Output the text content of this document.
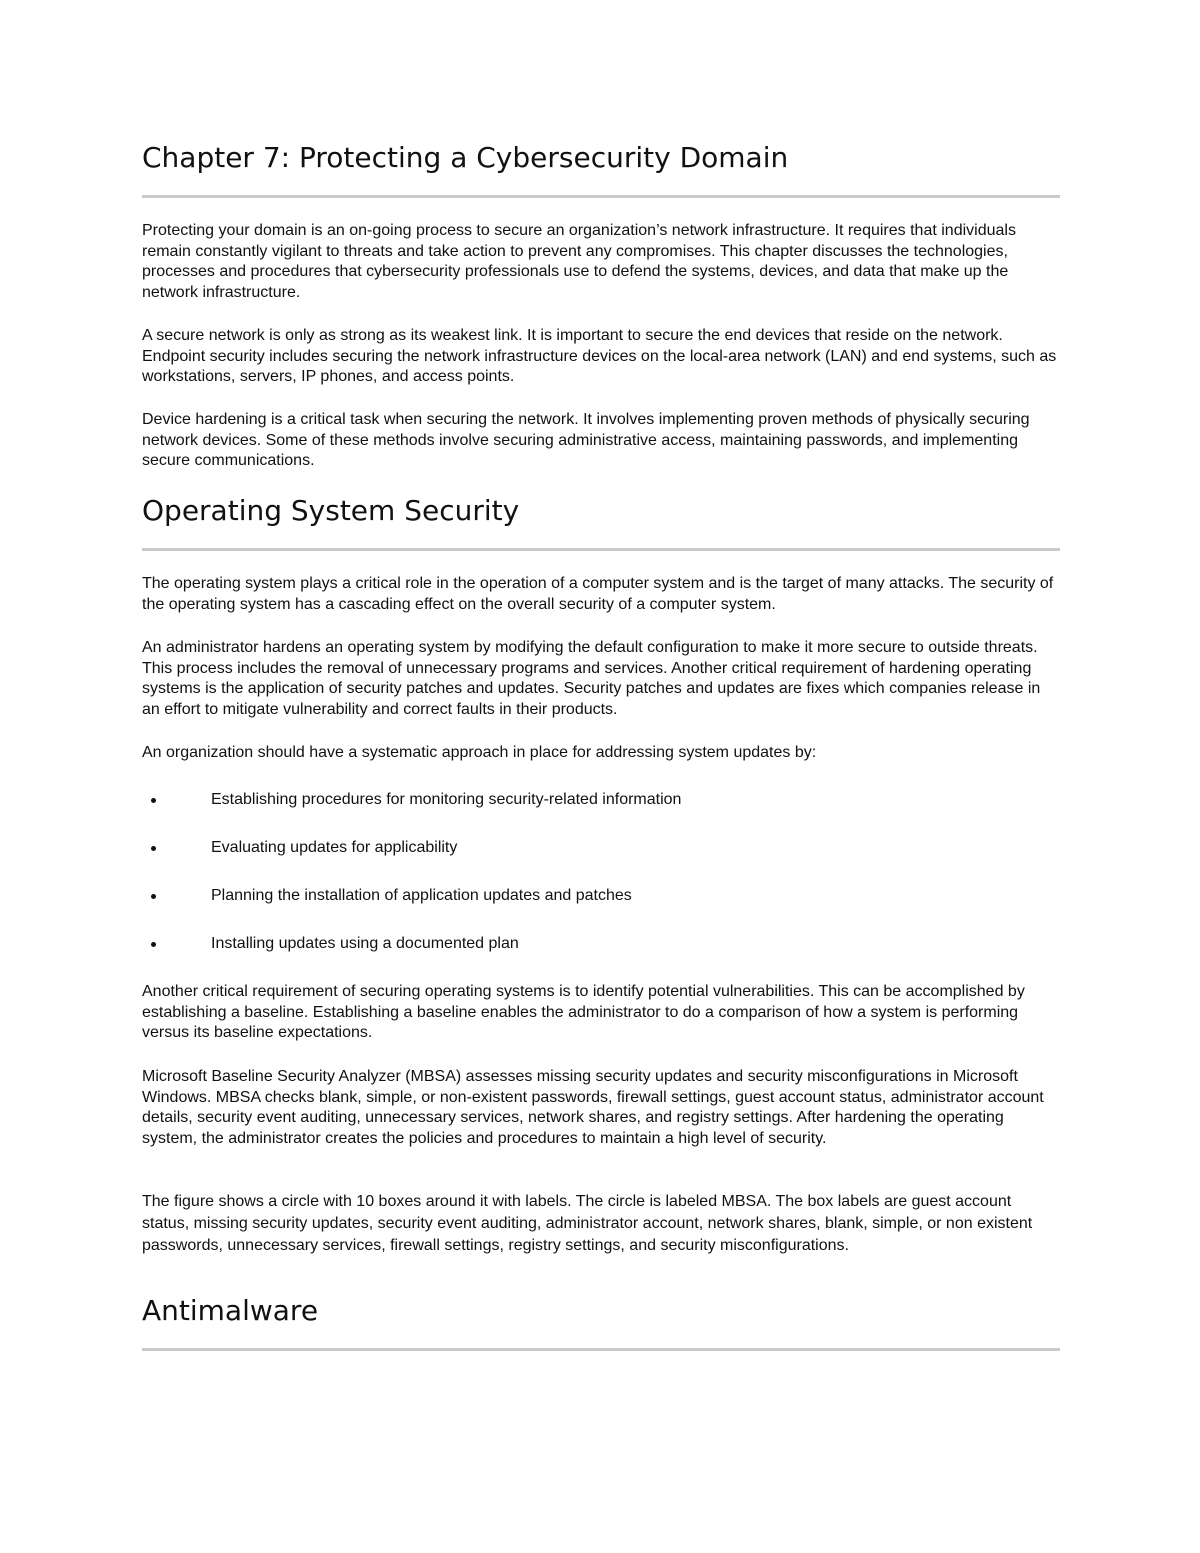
Chapter 7: Protecting a Cybersecurity Domain

Protecting your domain is an on-going process to secure an organization’s network infrastructure. It requires that individuals remain constantly vigilant to threats and take action to prevent any compromises. This chapter discusses the technologies, processes and procedures that cybersecurity professionals use to defend the systems, devices, and data that make up the network infrastructure.

A secure network is only as strong as its weakest link. It is important to secure the end devices that reside on the network. Endpoint security includes securing the network infrastructure devices on the local-area network (LAN) and end systems, such as workstations, servers, IP phones, and access points.

Device hardening is a critical task when securing the network. It involves implementing proven methods of physically securing network devices. Some of these methods involve securing administrative access, maintaining passwords, and implementing secure communications.

Operating System Security

The operating system plays a critical role in the operation of a computer system and is the target of many attacks. The security of the operating system has a cascading effect on the overall security of a computer system.

An administrator hardens an operating system by modifying the default configuration to make it more secure to outside threats. This process includes the removal of unnecessary programs and services. Another critical requirement of hardening operating systems is the application of security patches and updates. Security patches and updates are fixes which companies release in an effort to mitigate vulnerability and correct faults in their products.

An organization should have a systematic approach in place for addressing system updates by:

Establishing procedures for monitoring security-related information
Evaluating updates for applicability
Planning the installation of application updates and patches
Installing updates using a documented plan

Another critical requirement of securing operating systems is to identify potential vulnerabilities. This can be accomplished by establishing a baseline. Establishing a baseline enables the administrator to do a comparison of how a system is performing versus its baseline expectations.

Microsoft Baseline Security Analyzer (MBSA) assesses missing security updates and security misconfigurations in Microsoft Windows. MBSA checks blank, simple, or non-existent passwords, firewall settings, guest account status, administrator account details, security event auditing, unnecessary services, network shares, and registry settings. After hardening the operating system, the administrator creates the policies and procedures to maintain a high level of security.

The figure shows a circle with 10 boxes around it with labels. The circle is labeled MBSA. The box labels are guest account status, missing security updates, security event auditing, administrator account, network shares, blank, simple, or non existent passwords, unnecessary services, firewall settings, registry settings, and security misconfigurations.

Antimalware
